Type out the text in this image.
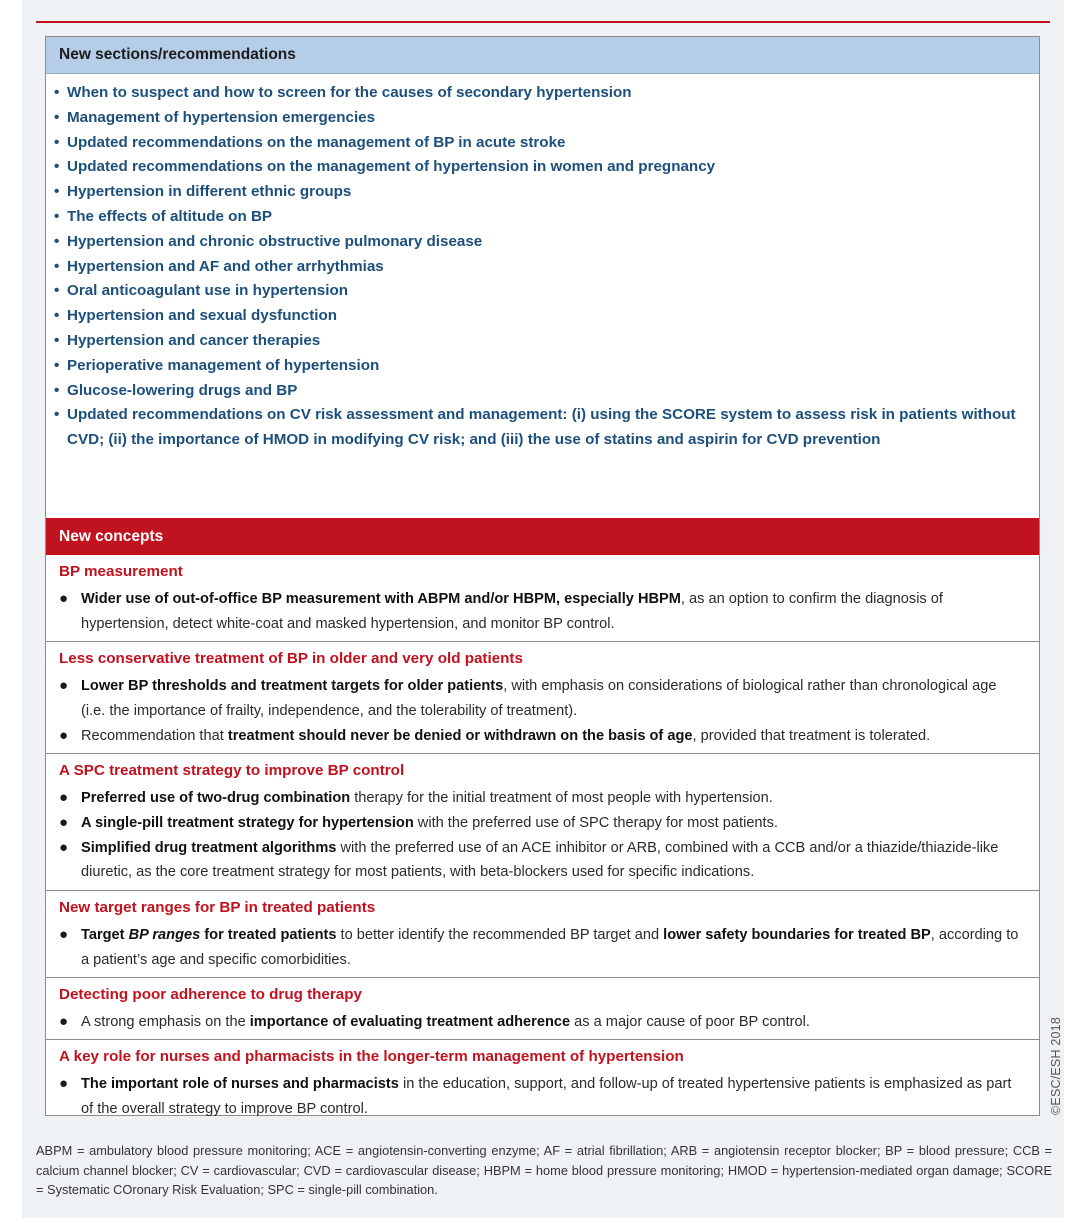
New sections/recommendations
• When to suspect and how to screen for the causes of secondary hypertension
• Management of hypertension emergencies
• Updated recommendations on the management of BP in acute stroke
• Updated recommendations on the management of hypertension in women and pregnancy
• Hypertension in different ethnic groups
• The effects of altitude on BP
• Hypertension and chronic obstructive pulmonary disease
• Hypertension and AF and other arrhythmias
• Oral anticoagulant use in hypertension
• Hypertension and sexual dysfunction
• Hypertension and cancer therapies
• Perioperative management of hypertension
• Glucose-lowering drugs and BP
• Updated recommendations on CV risk assessment and management: (i) using the SCORE system to assess risk in patients without CVD; (ii) the importance of HMOD in modifying CV risk; and (iii) the use of statins and aspirin for CVD prevention
New concepts
BP measurement
● Wider use of out-of-office BP measurement with ABPM and/or HBPM, especially HBPM, as an option to confirm the diagnosis of hypertension, detect white-coat and masked hypertension, and monitor BP control.
Less conservative treatment of BP in older and very old patients
● Lower BP thresholds and treatment targets for older patients, with emphasis on considerations of biological rather than chronological age (i.e. the importance of frailty, independence, and the tolerability of treatment).
● Recommendation that treatment should never be denied or withdrawn on the basis of age, provided that treatment is tolerated.
A SPC treatment strategy to improve BP control
● Preferred use of two-drug combination therapy for the initial treatment of most people with hypertension.
● A single-pill treatment strategy for hypertension with the preferred use of SPC therapy for most patients.
● Simplified drug treatment algorithms with the preferred use of an ACE inhibitor or ARB, combined with a CCB and/or a thiazide/thiazide-like diuretic, as the core treatment strategy for most patients, with beta-blockers used for specific indications.
New target ranges for BP in treated patients
● Target BP ranges for treated patients to better identify the recommended BP target and lower safety boundaries for treated BP, according to a patient’s age and specific comorbidities.
Detecting poor adherence to drug therapy
● A strong emphasis on the importance of evaluating treatment adherence as a major cause of poor BP control.
A key role for nurses and pharmacists in the longer-term management of hypertension
● The important role of nurses and pharmacists in the education, support, and follow-up of treated hypertensive patients is emphasized as part of the overall strategy to improve BP control.	©ESC/ESH 2018
ABPM = ambulatory blood pressure monitoring; ACE = angiotensin-converting enzyme; AF = atrial fibrillation; ARB = angiotensin receptor blocker; BP = blood pressure; CCB = calcium channel blocker; CV = cardiovascular; CVD = cardiovascular disease; HBPM = home blood pressure monitoring; HMOD = hypertension-mediated organ damage; SCORE = Systematic COronary Risk Evaluation; SPC = single-pill combination.
